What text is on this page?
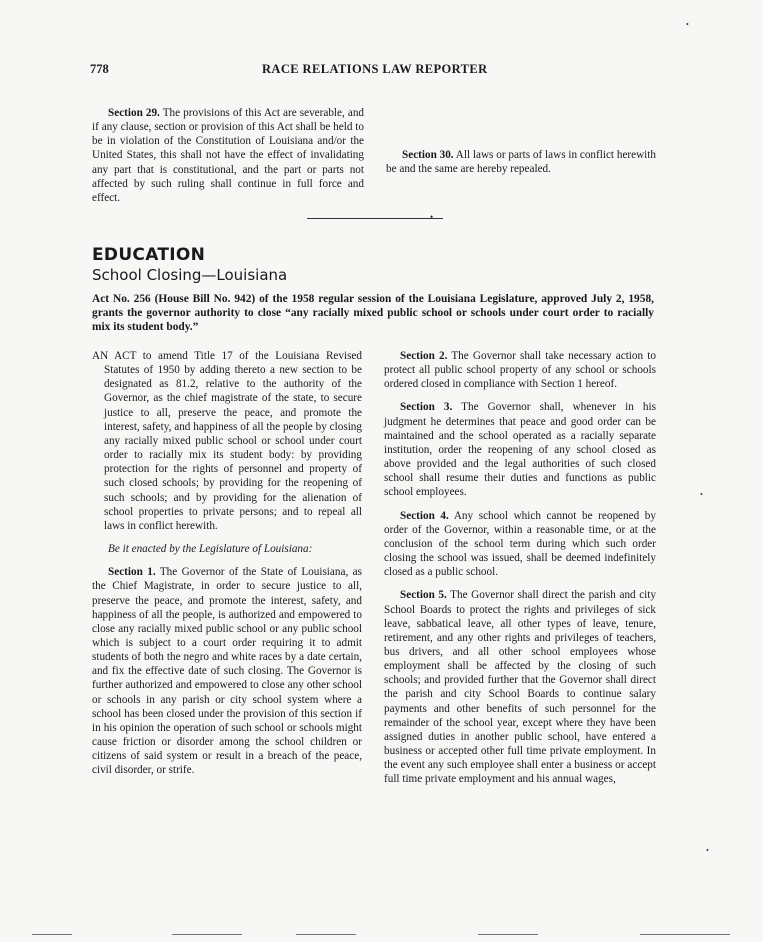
778	RACE RELATIONS LAW REPORTER

Section 29. The provisions of this Act are severable, and if any clause, section or provision of this Act shall be held to be in violation of the Constitution of Louisiana and/or the United States, this shall not have the effect of invalidating any part that is constitutional, and the part or parts not affected by such ruling shall continue in full force and effect.

Section 30. All laws or parts of laws in conflict herewith be and the same are hereby repealed.

•
EDUCATION
School Closing—Louisiana
Act No. 256 (House Bill No. 942) of the 1958 regular session of the Louisiana Legislature, approved July 2, 1958, grants the governor authority to close “any racially mixed public school or schools under court order to racially mix its student body.”

AN ACT to amend Title 17 of the Louisiana Revised Statutes of 1950 by adding thereto a new section to be designated as 81.2, relative to the authority of the Governor, as the chief magistrate of the state, to secure justice to all, preserve the peace, and promote the interest, safety, and happiness of all the people by closing any racially mixed public school or school under court order to racially mix its student body: by providing protection for the rights of personnel and property of such closed schools; by providing for the reopening of such schools; and by providing for the alienation of school properties to private persons; and to repeal all laws in conflict herewith.

Be it enacted by the Legislature of Louisiana:

Section 1. The Governor of the State of Louisiana, as the Chief Magistrate, in order to secure justice to all, preserve the peace, and promote the interest, safety, and happiness of all the people, is authorized and empowered to close any racially mixed public school or any public school which is subject to a court order requiring it to admit students of both the negro and white races by a date certain, and fix the effective date of such closing. The Governor is further authorized and empowered to close any other school or schools in any parish or city school system where a school has been closed under the provision of this section if in his opinion the operation of such school or schools might cause friction or disorder among the school children or citizens of said system or result in a breach of the peace, civil disorder, or strife.

Section 2. The Governor shall take necessary action to protect all public school property of any school or schools ordered closed in compliance with Section 1 hereof.

Section 3. The Governor shall, whenever in his judgment he determines that peace and good order can be maintained and the school operated as a racially separate institution, order the reopening of any school closed as above provided and the legal authorities of such closed school shall resume their duties and functions as public school employees.

Section 4. Any school which cannot be reopened by order of the Governor, within a reasonable time, or at the conclusion of the school term during which such order closing the school was issued, shall be deemed indefinitely closed as a public school.

Section 5. The Governor shall direct the parish and city School Boards to protect the rights and privileges of sick leave, sabbatical leave, all other types of leave, tenure, retirement, and any other rights and privileges of teachers, bus drivers, and all other school employees whose employment shall be affected by the closing of such schools; and provided further that the Governor shall direct the parish and city School Boards to continue salary payments and other benefits of such personnel for the remainder of the school year, except where they have been assigned duties in another public school, have entered a business or accepted other full time private employment. In the event any such employee shall enter a business or accept full time private employment and his annual wages,

•
•
•
